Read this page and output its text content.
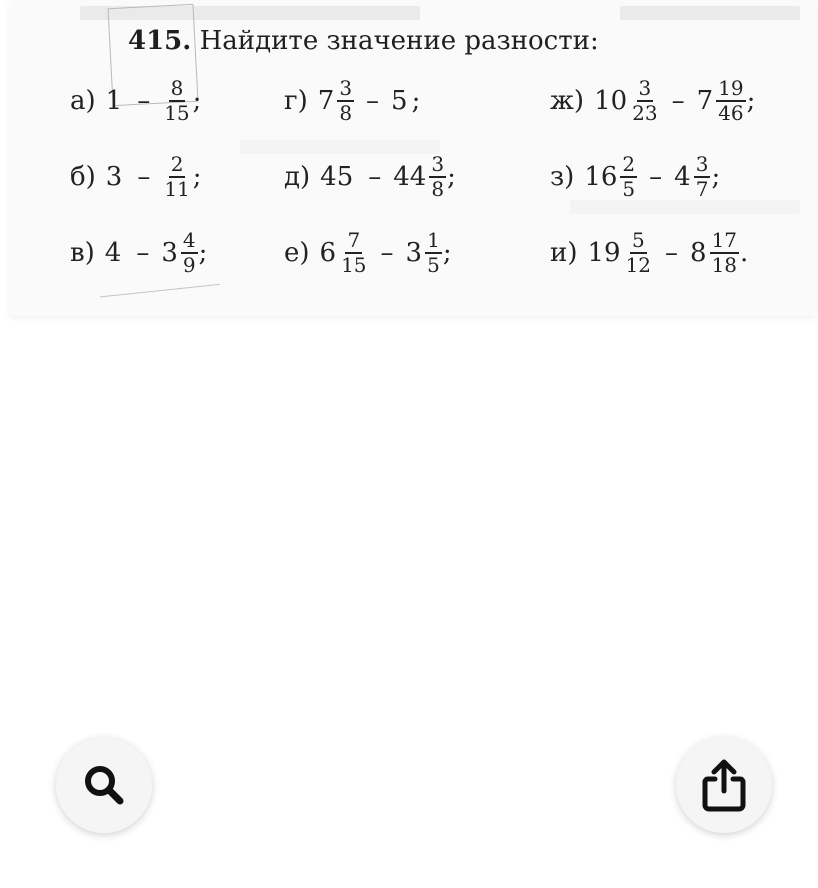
415. Найдите значение разности:
а) $1 - \frac{8}{15}$ ;	г) $7 \frac{3}{8} - 5$ ;	ж) $10 \frac{3}{23} - 7 \frac{19}{46}$ ;
б) $3 - \frac{2}{11}$ ;	д) $45 - 44 \frac{3}{8}$ ;	з) $16 \frac{2}{5} - 4 \frac{3}{7}$ ;
в) $4 - 3 \frac{4}{9}$ ;	е) $6 \frac{7}{15} - 3 \frac{1}{5}$ ;	и) $19 \frac{5}{12} - 8 \frac{17}{18}$ .
